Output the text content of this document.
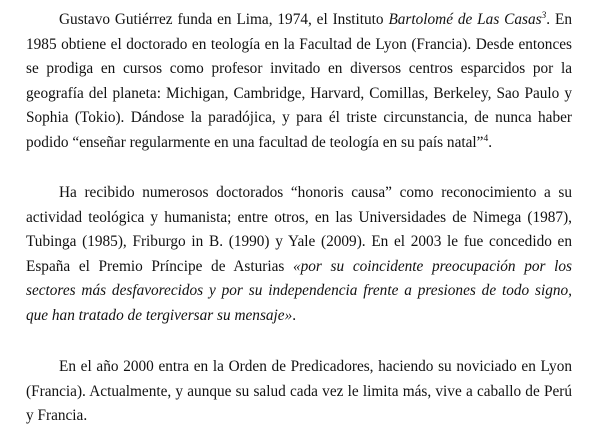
Gustavo Gutiérrez funda en Lima, 1974, el Instituto Bartolomé de Las Casas$^3$. En 1985 obtiene el doctorado en teología en la Facultad de Lyon (Francia). Desde entonces se prodiga en cursos como profesor invitado en diversos centros esparcidos por la geografía del planeta: Michigan, Cambridge, Harvard, Comillas, Berkeley, Sao Paulo y Sophia (Tokio). Dándose la paradójica, y para él triste circunstancia, de nunca haber podido “enseñar regularmente en una facultad de teología en su país natal”$^4$.

Ha recibido numerosos doctorados “honoris causa” como reconocimiento a su actividad teológica y humanista; entre otros, en las Universidades de Nimega (1987), Tubinga (1985), Friburgo in B. (1990) y Yale (2009). En el 2003 le fue concedido en España el Premio Príncipe de Asturias «por su coincidente preocupación por los sectores más desfavorecidos y por su independencia frente a presiones de todo signo, que han tratado de tergiversar su mensaje».

En el año 2000 entra en la Orden de Predicadores, haciendo su noviciado en Lyon (Francia). Actualmente, y aunque su salud cada vez le limita más, vive a caballo de Perú y Francia.
